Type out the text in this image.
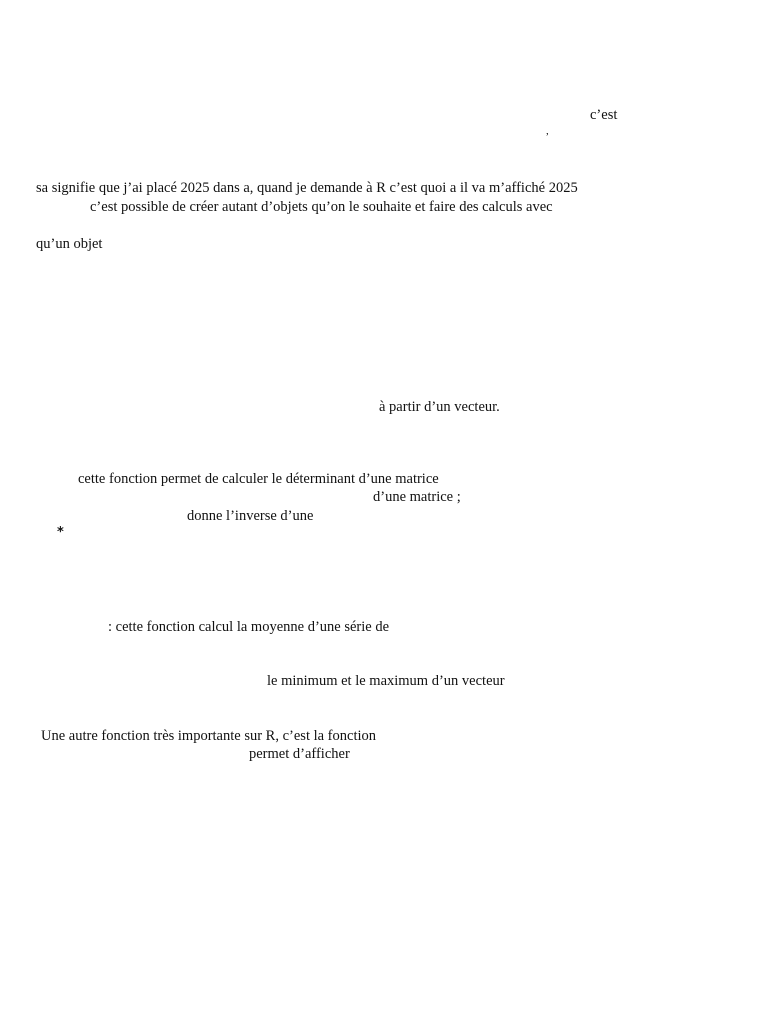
c’est
,
sa signifie que j’ai placé 2025 dans a, quand je demande à R c’est quoi a il va m’affiché 2025
c’est possible de créer autant d’objets qu’on le souhaite et faire des calculs avec
qu’un objet
à partir d’un vecteur.
cette fonction permet de calculer le déterminant d’une matrice
d’une matrice ;
donne l’inverse d’une
*
: cette fonction calcul la moyenne d’une série de
le minimum et le maximum d’un vecteur
Une autre fonction très importante sur R, c’est la fonction
permet d’afficher
